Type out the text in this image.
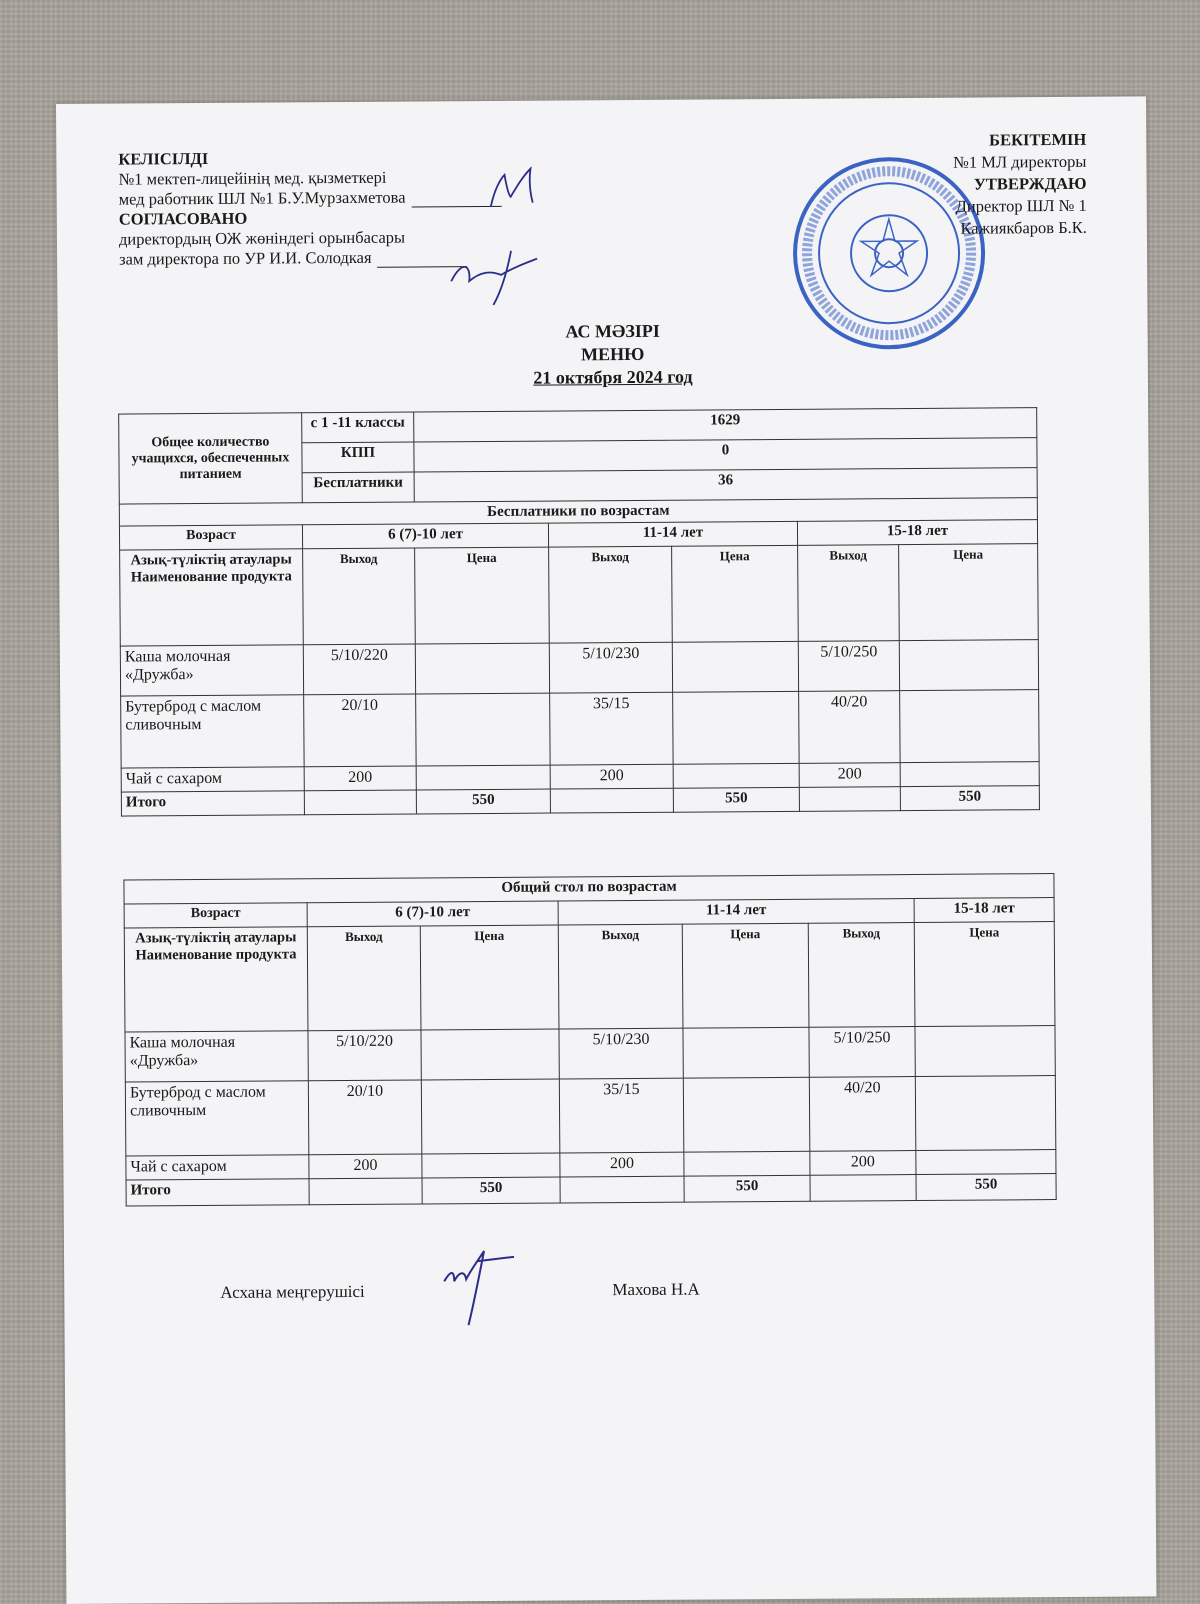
КЕЛІСІЛДІ
№1 мектеп-лицейінің мед. қызметкері
мед работник ШЛ №1 Б.У.Мурзахметова
СОГЛАСОВАНО
директордың ОЖ жөніндегі орынбасары
зам директора по УР И.И. Солодкая
БЕКІТЕМІН
№1 МЛ директоры
УТВЕРЖДАЮ
Директор ШЛ № 1
Кажиякбаров Б.К.
АС МӘЗІРІ
МЕНЮ
21 октября 2024 год
Общее количество учащихся, обеспеченных питанием	с 1 -11 классы	1629				
	КПП	0				
	Бесплатники	36				
Бесплатники по возрастам						
Возраст	6 (7)-10 лет		11-14 лет		15-18 лет	
Азық-түліктің атаулары Наименование продукта	Выход	Цена	Выход	Цена	Выход	Цена
Каша молочная «Дружба»	5/10/220		5/10/230		5/10/250	
Бутерброд с маслом сливочным	20/10		35/15		40/20	
Чай с сахаром	200		200		200	
Итого		550		550		550
Общий стол по возрастам						
Возраст	6 (7)-10 лет		11-14 лет			15-18 лет
Азық-түліктің атаулары Наименование продукта	Выход	Цена	Выход	Цена	Выход	Цена
Каша молочная «Дружба»	5/10/220		5/10/230		5/10/250	
Бутерброд с маслом сливочным	20/10		35/15		40/20	
Чай с сахаром	200		200		200	
Итого		550		550		550
Асхана меңгерушісі	Махова Н.А
